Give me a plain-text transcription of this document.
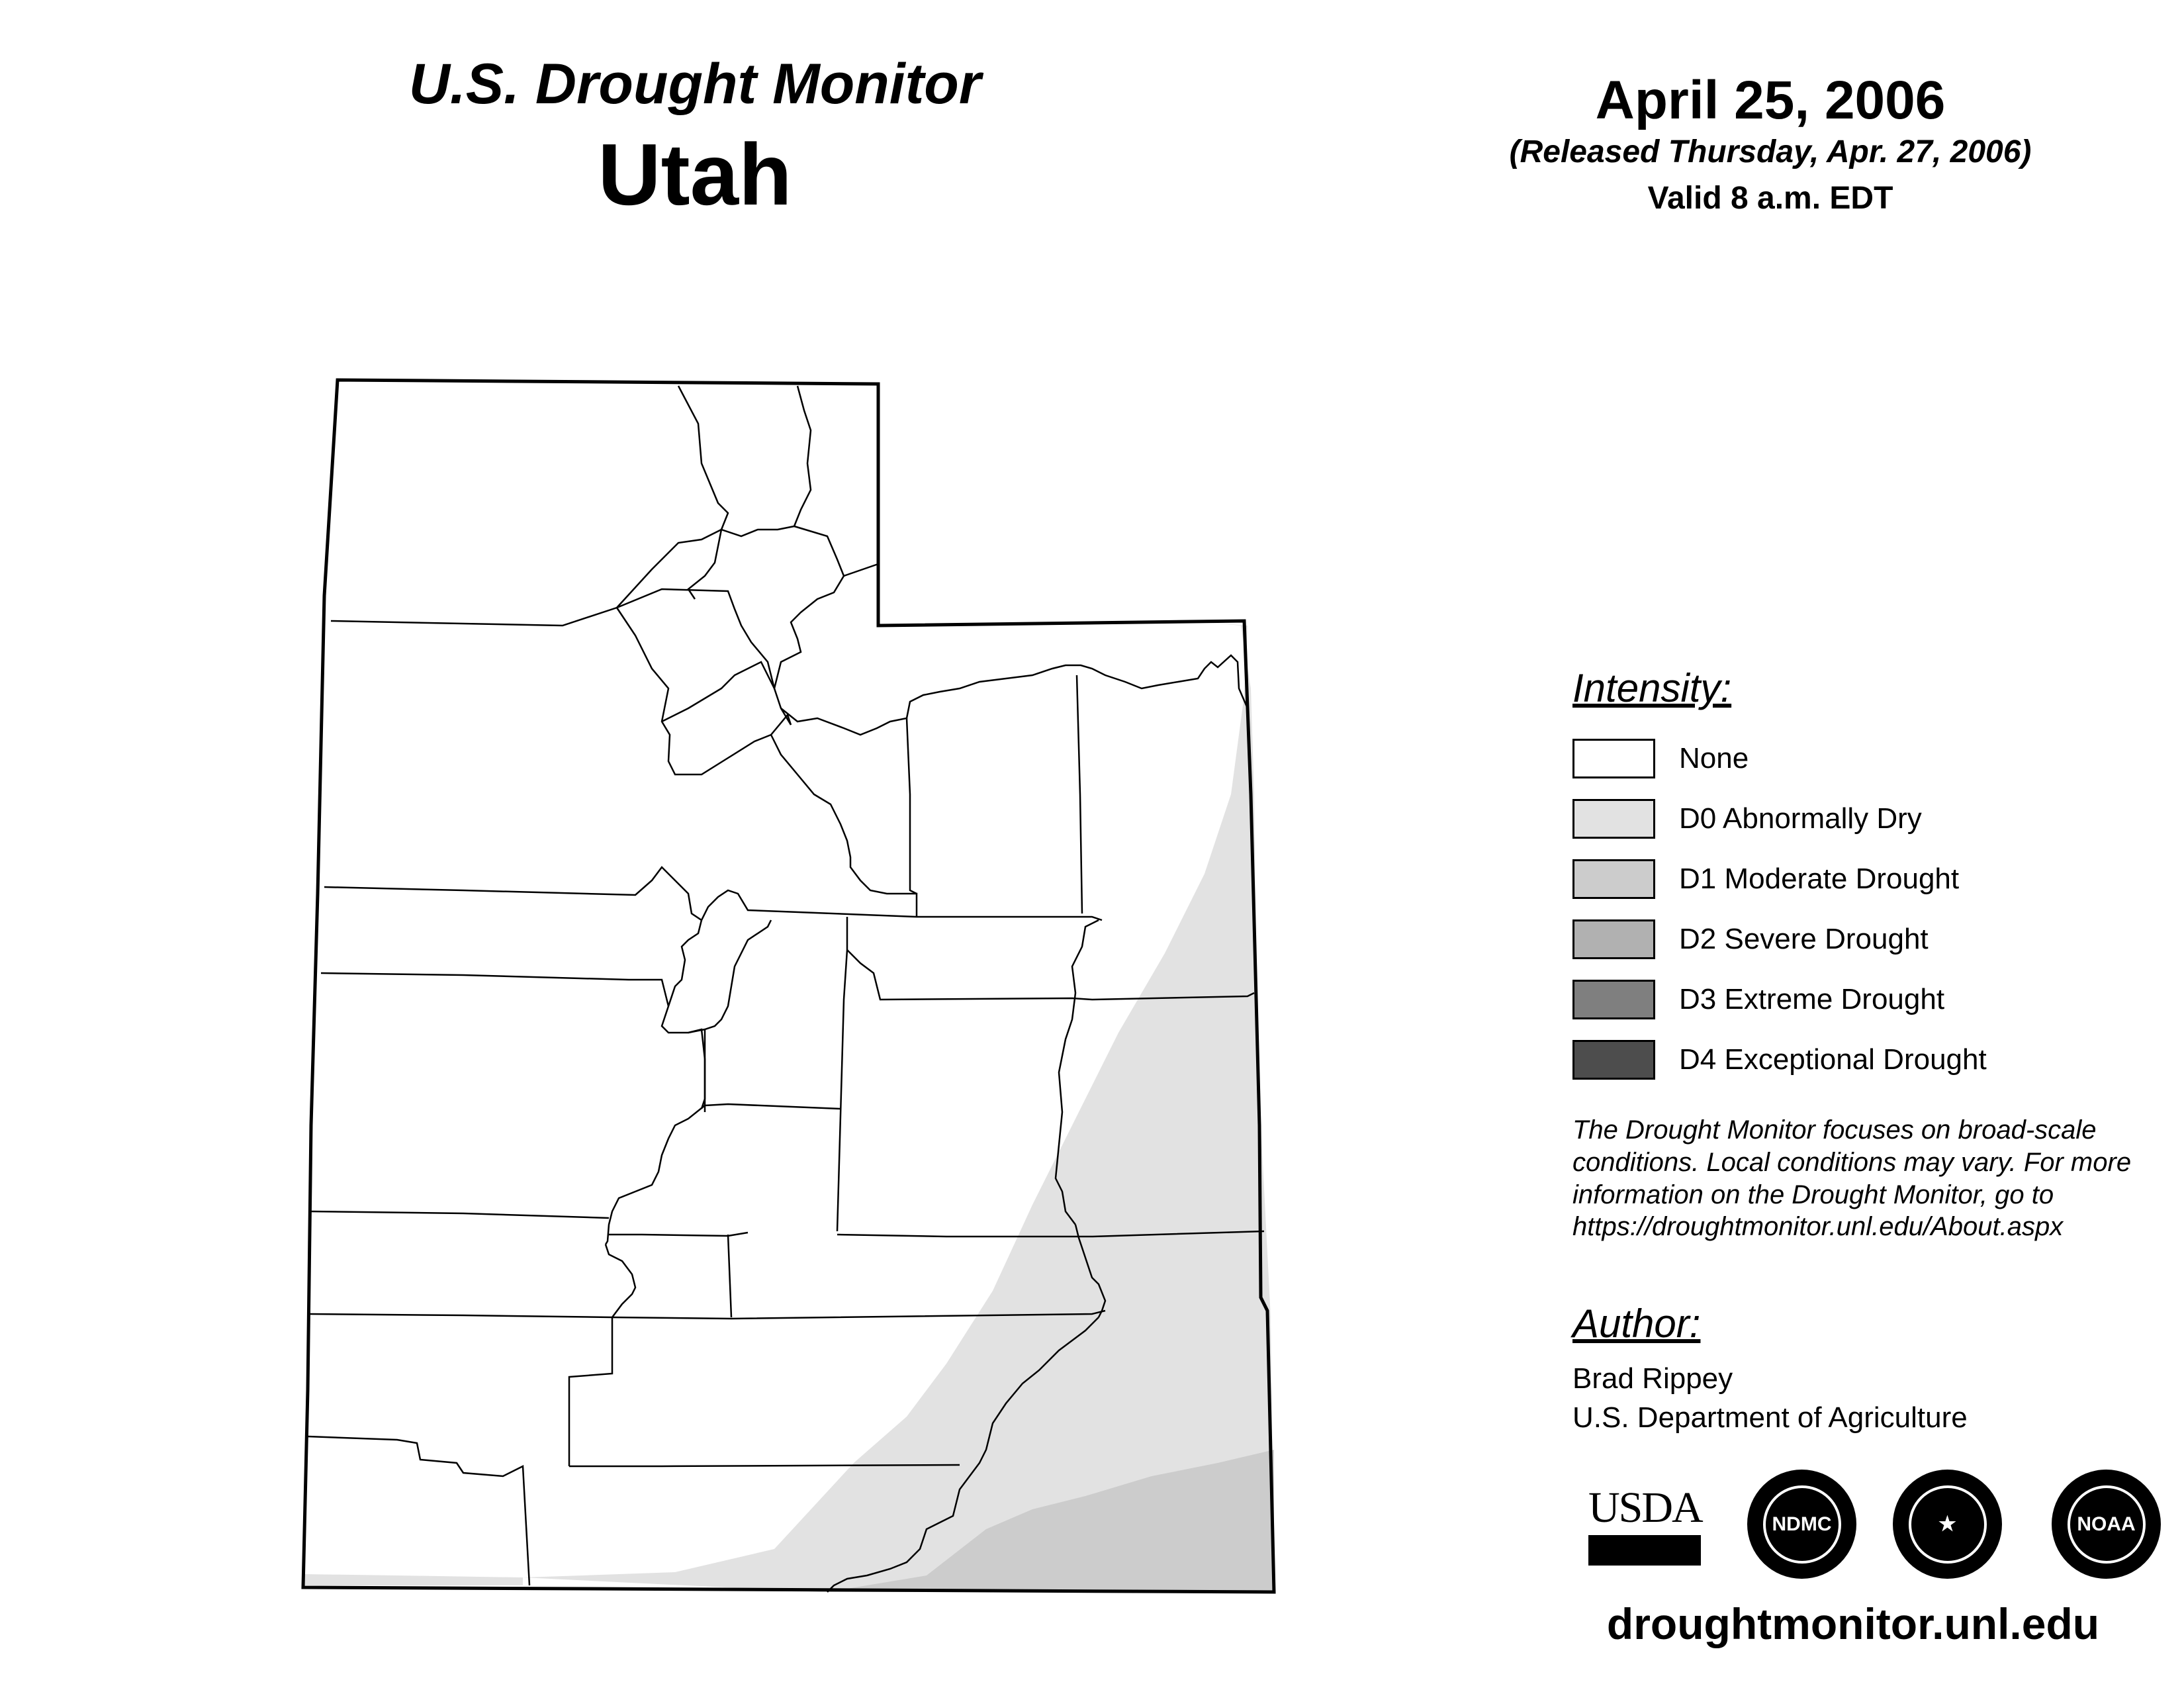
U.S. Drought Monitor
Utah
April 25, 2006
(Released Thursday, Apr. 27, 2006)
Valid 8 a.m. EDT
Intensity:
None
D0 Abnormally Dry
D1 Moderate Drought
D2 Severe Drought
D3 Extreme Drought
D4 Exceptional Drought
The Drought Monitor focuses on broad-scale conditions. Local conditions may vary. For more information on the Drought Monitor, go to https://droughtmonitor.unl.edu/About.aspx
Author:
Brad Rippey
U.S. Department of Agriculture
USDA	NDMC	★	NOAA
droughtmonitor.unl.edu
